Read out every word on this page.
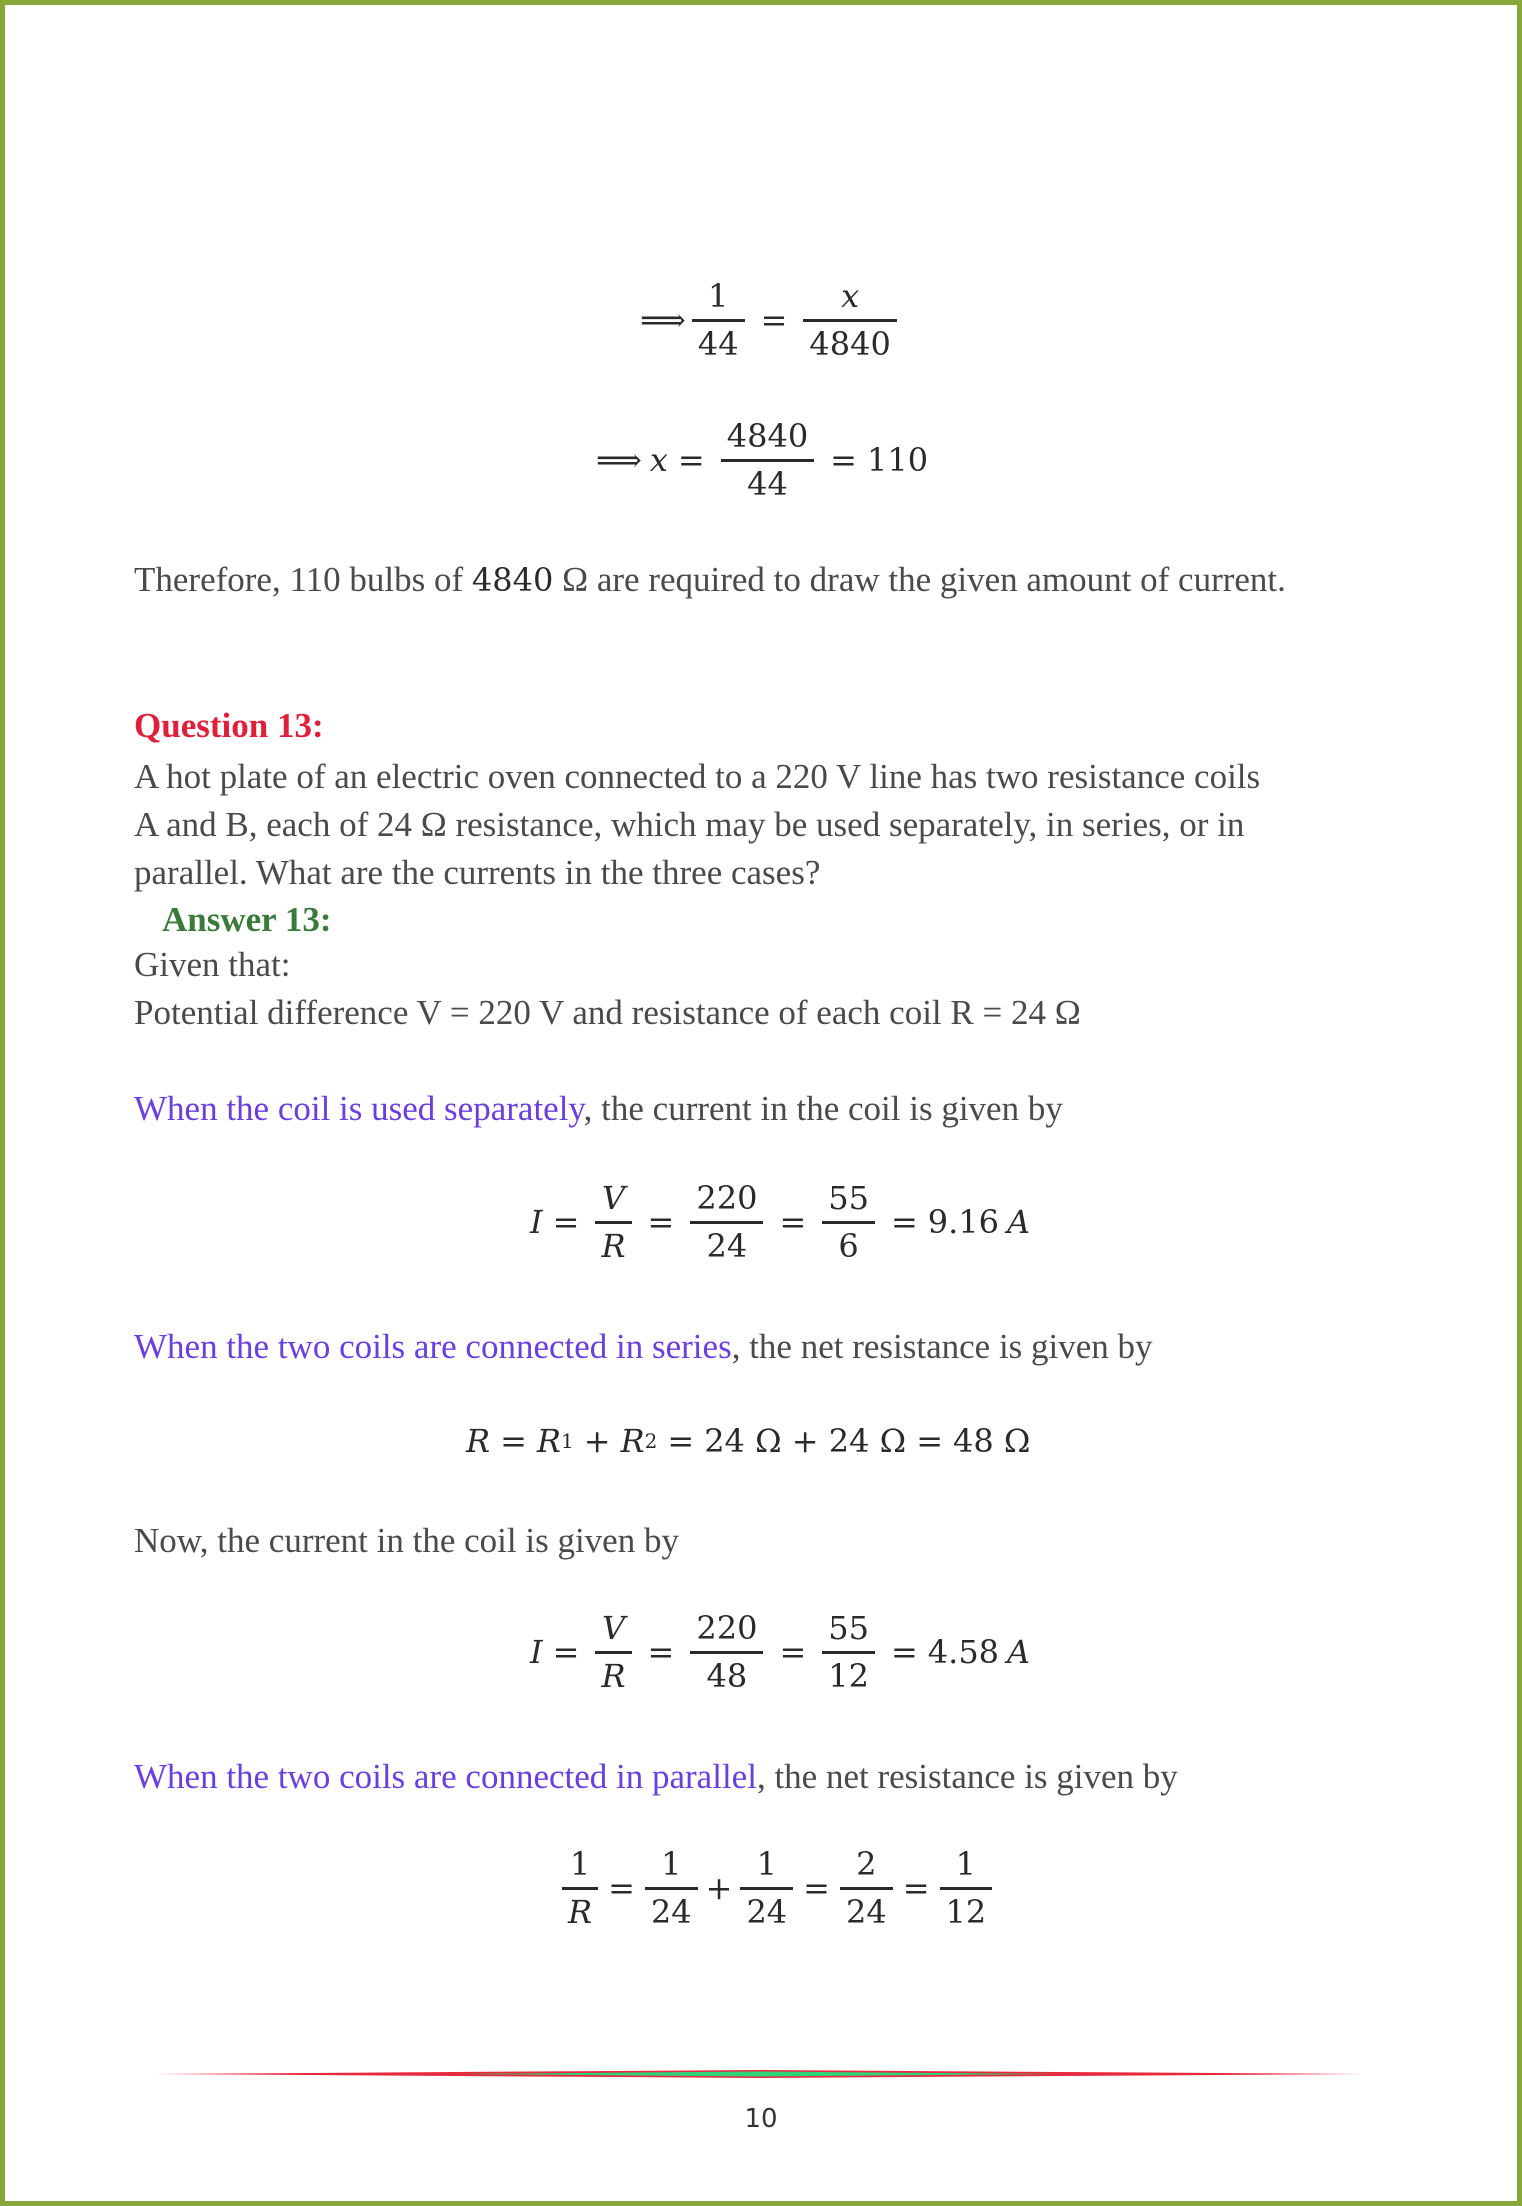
⟹ $\frac{1}{44} = \frac{x}{4840}$
⟹ $x = \frac{4840}{44} = 110$
Therefore, 110 bulbs of 4840 Ω are required to draw the given amount of current.
Question 13:
A hot plate of an electric oven connected to a 220 V line has two resistance coils
A and B, each of 24 Ω resistance, which may be used separately, in series, or in
parallel. What are the currents in the three cases?
Answer 13:
Given that:
Potential difference V = 220 V and resistance of each coil R = 24 Ω
When the coil is used separately, the current in the coil is given by
$I = \frac{V}{R} = \frac{220}{24} = \frac{55}{6} = 9.16$ A
When the two coils are connected in series, the net resistance is given by
R = R 1 + R 2 = 24 Ω + 24 Ω = 48 Ω
Now, the current in the coil is given by
$I = \frac{V}{R} = \frac{220}{48} = \frac{55}{12} = 4.58$ A
When the two coils are connected in parallel, the net resistance is given by
$\frac{1}{R} = \frac{1}{24} + \frac{1}{24} = \frac{2}{24} = \frac{1}{12}$
10
